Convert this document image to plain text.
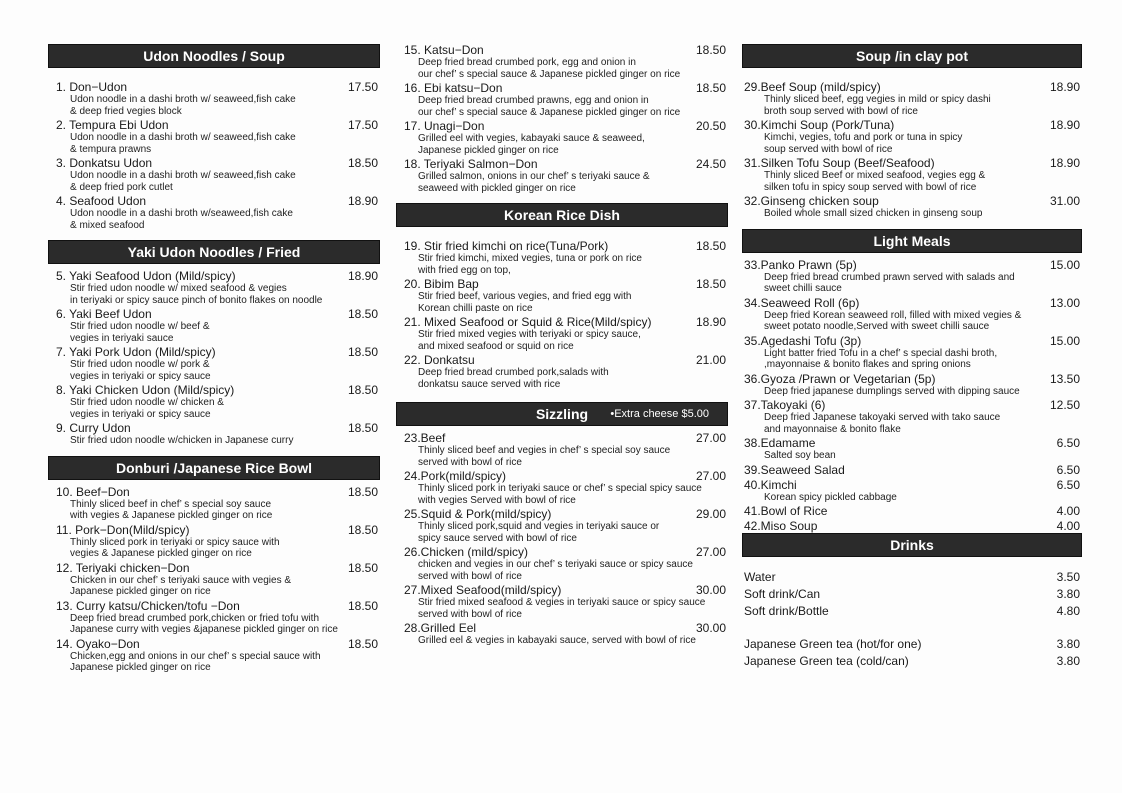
Udon Noodles / Soup
1. Don−Udon	17.50
Udon noodle in a dashi broth w/ seaweed,fish cake
& deep fried vegies block
2. Tempura Ebi Udon	17.50
Udon noodle in a dashi broth w/ seaweed,fish cake
& tempura prawns
3. Donkatsu Udon	18.50
Udon noodle in a dashi broth w/ seaweed,fish cake
& deep fried pork cutlet
4. Seafood Udon	18.90
Udon noodle in a dashi broth w/seaweed,fish cake
& mixed seafood
Yaki Udon Noodles / Fried
5. Yaki Seafood Udon (Mild/spicy)	18.90
Stir fried udon noodle w/ mixed seafood & vegies
in teriyaki or spicy sauce pinch of bonito flakes on noodle
6. Yaki Beef Udon	18.50
Stir fried udon noodle w/ beef &
vegies in teriyaki sauce
7. Yaki Pork Udon (Mild/spicy)	18.50
Stir fried udon noodle w/ pork &
vegies in teriyaki or spicy sauce
8. Yaki Chicken Udon (Mild/spicy)	18.50
Stir fried udon noodle w/ chicken &
vegies in teriyaki or spicy sauce
9. Curry Udon	18.50
Stir fried udon noodle w/chicken in Japanese curry
Donburi /Japanese Rice Bowl
10. Beef−Don	18.50
Thinly sliced beef in chef’ s special soy sauce
with vegies & Japanese pickled ginger on rice
11. Pork−Don(Mild/spicy)	18.50
Thinly sliced pork in teriyaki or spicy sauce with
vegies & Japanese pickled ginger on rice
12. Teriyaki chicken−Don	18.50
Chicken in our chef’ s teriyaki sauce with vegies &
Japanese pickled ginger on rice
13. Curry katsu/Chicken/tofu −Don	18.50
Deep fried bread crumbed pork,chicken or fried tofu with
Japanese curry with vegies &japanese pickled ginger on rice
14. Oyako−Don	18.50
Chicken,egg and onions in our chef’ s special sauce with
Japanese pickled ginger on rice
15. Katsu−Don	18.50
Deep fried bread crumbed pork, egg and onion in
our chef’ s special sauce & Japanese pickled ginger on rice
16. Ebi katsu−Don	18.50
Deep fried bread crumbed prawns, egg and onion in
our chef’ s special sauce & Japanese pickled ginger on rice
17. Unagi−Don	20.50
Grilled eel with vegies, kabayaki sauce & seaweed,
Japanese pickled ginger on rice
18. Teriyaki Salmon−Don	24.50
Grilled salmon, onions in our chef’ s teriyaki sauce &
seaweed with pickled ginger on rice
Korean Rice Dish
19. Stir fried kimchi on rice(Tuna/Pork)	18.50
Stir fried kimchi, mixed vegies, tuna or pork on rice
with fried egg on top,
20. Bibim Bap	18.50
Stir fried beef, various vegies, and fried egg with
Korean chilli paste on rice
21. Mixed Seafood or Squid & Rice(Mild/spicy)	18.90
Stir fried mixed vegies with teriyaki or spicy sauce,
and mixed seafood or squid on rice
22. Donkatsu	21.00
Deep fried bread crumbed pork,salads with
donkatsu sauce served with rice
Sizzling •Extra cheese $5.00
23.Beef	27.00
Thinly sliced beef and vegies in chef’ s special soy sauce
served with bowl of rice
24.Pork(mild/spicy)	27.00
Thinly sliced pork in teriyaki sauce or chef’ s special spicy sauce
with vegies Served with bowl of rice
25.Squid & Pork(mild/spicy)	29.00
Thinly sliced pork,squid and vegies in teriyaki sauce or
spicy sauce served with bowl of rice
26.Chicken (mild/spicy)	27.00
chicken and vegies in our chef’ s teriyaki sauce or spicy sauce
served with bowl of rice
27.Mixed Seafood(mild/spicy)	30.00
Stir fried mixed seafood & vegies in teriyaki sauce or spicy sauce
served with bowl of rice
28.Grilled Eel	30.00
Grilled eel & vegies in kabayaki sauce, served with bowl of rice
Soup /in clay pot
29.Beef Soup (mild/spicy)	18.90
Thinly sliced beef, egg vegies in mild or spicy dashi
broth soup served with bowl of rice
30.Kimchi Soup (Pork/Tuna)	18.90
Kimchi, vegies, tofu and pork or tuna in spicy
soup served with bowl of rice
31.Silken Tofu Soup (Beef/Seafood)	18.90
Thinly sliced Beef or mixed seafood, vegies egg &
silken tofu in spicy soup served with bowl of rice
32.Ginseng chicken soup	31.00
Boiled whole small sized chicken in ginseng soup
Light Meals
33.Panko Prawn (5p)	15.00
Deep fried bread crumbed prawn served with salads and
sweet chilli sauce
34.Seaweed Roll (6p)	13.00
Deep fried Korean seaweed roll, filled with mixed vegies &
sweet potato noodle,Served with sweet chilli sauce
35.Agedashi Tofu (3p)	15.00
Light batter fried Tofu in a chef’ s special dashi broth,
,mayonnaise & bonito flakes and spring onions
36.Gyoza /Prawn or Vegetarian (5p)	13.50
Deep fried japanese dumplings served with dipping sauce
37.Takoyaki (6)	12.50
Deep fried Japanese takoyaki served with tako sauce
and mayonnaise & bonito flake
38.Edamame	6.50
Salted soy bean
39.Seaweed Salad	6.50
40.Kimchi	6.50
Korean spicy pickled cabbage
41.Bowl of Rice	4.00
42.Miso Soup	4.00
Drinks
Water	3.50
Soft drink/Can	3.80
Soft drink/Bottle	4.80
Japanese Green tea (hot/for one)	3.80
Japanese Green tea (cold/can)	3.80
